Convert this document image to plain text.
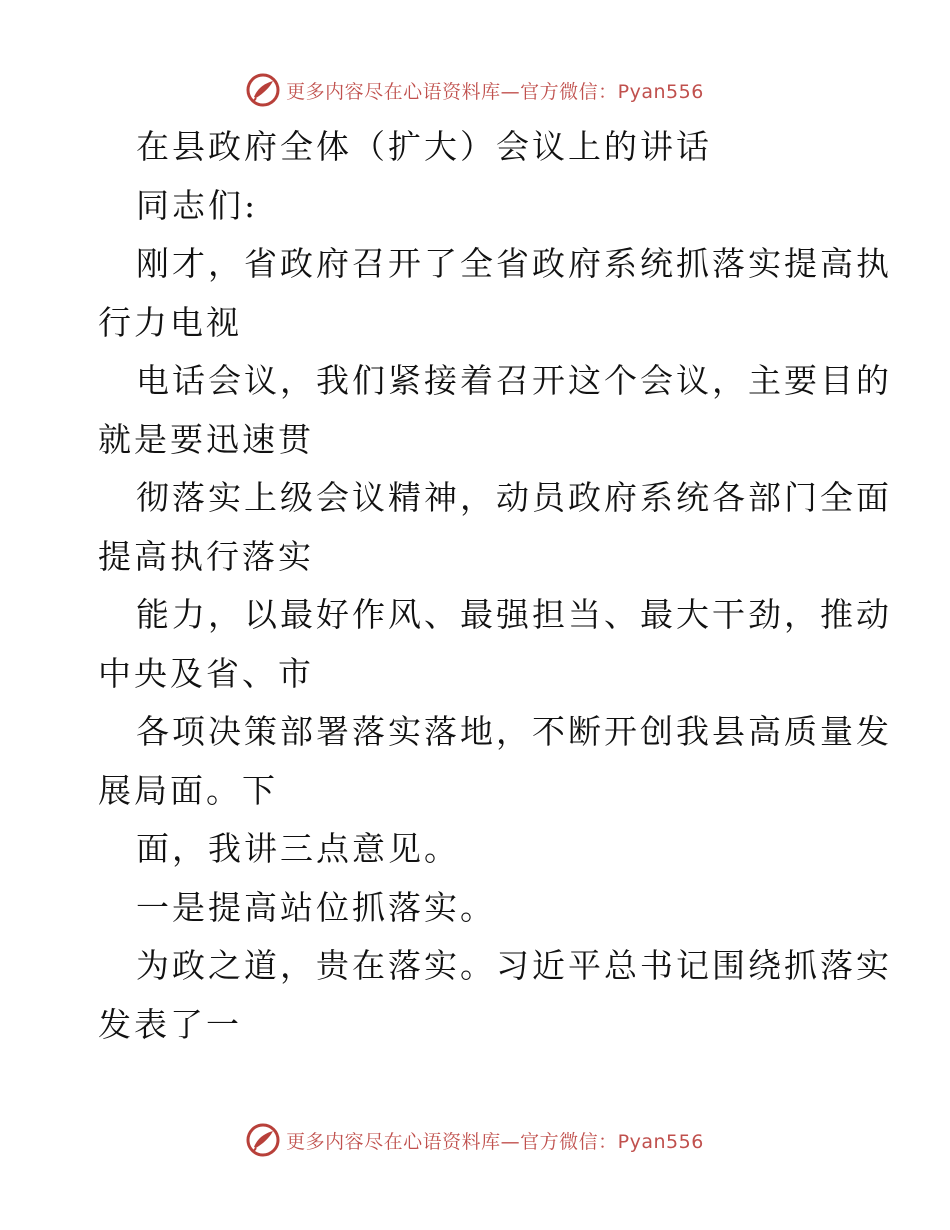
更多内容尽在心语资料库—官方微信：Pyan556
在县政府全体（扩大）会议上的讲话
同志们:
刚才，省政府召开了全省政府系统抓落实提高执
行力电视
电话会议，我们紧接着召开这个会议，主要目的
就是要迅速贯
彻落实上级会议精神，动员政府系统各部门全面
提高执行落实
能力，以最好作风、最强担当、最大干劲，推动
中央及省、市
各项决策部署落实落地，不断开创我县高质量发
展局面。下
面，我讲三点意见。
一是提高站位抓落实。
为政之道，贵在落实。习近平总书记围绕抓落实
发表了一
更多内容尽在心语资料库—官方微信：Pyan556
